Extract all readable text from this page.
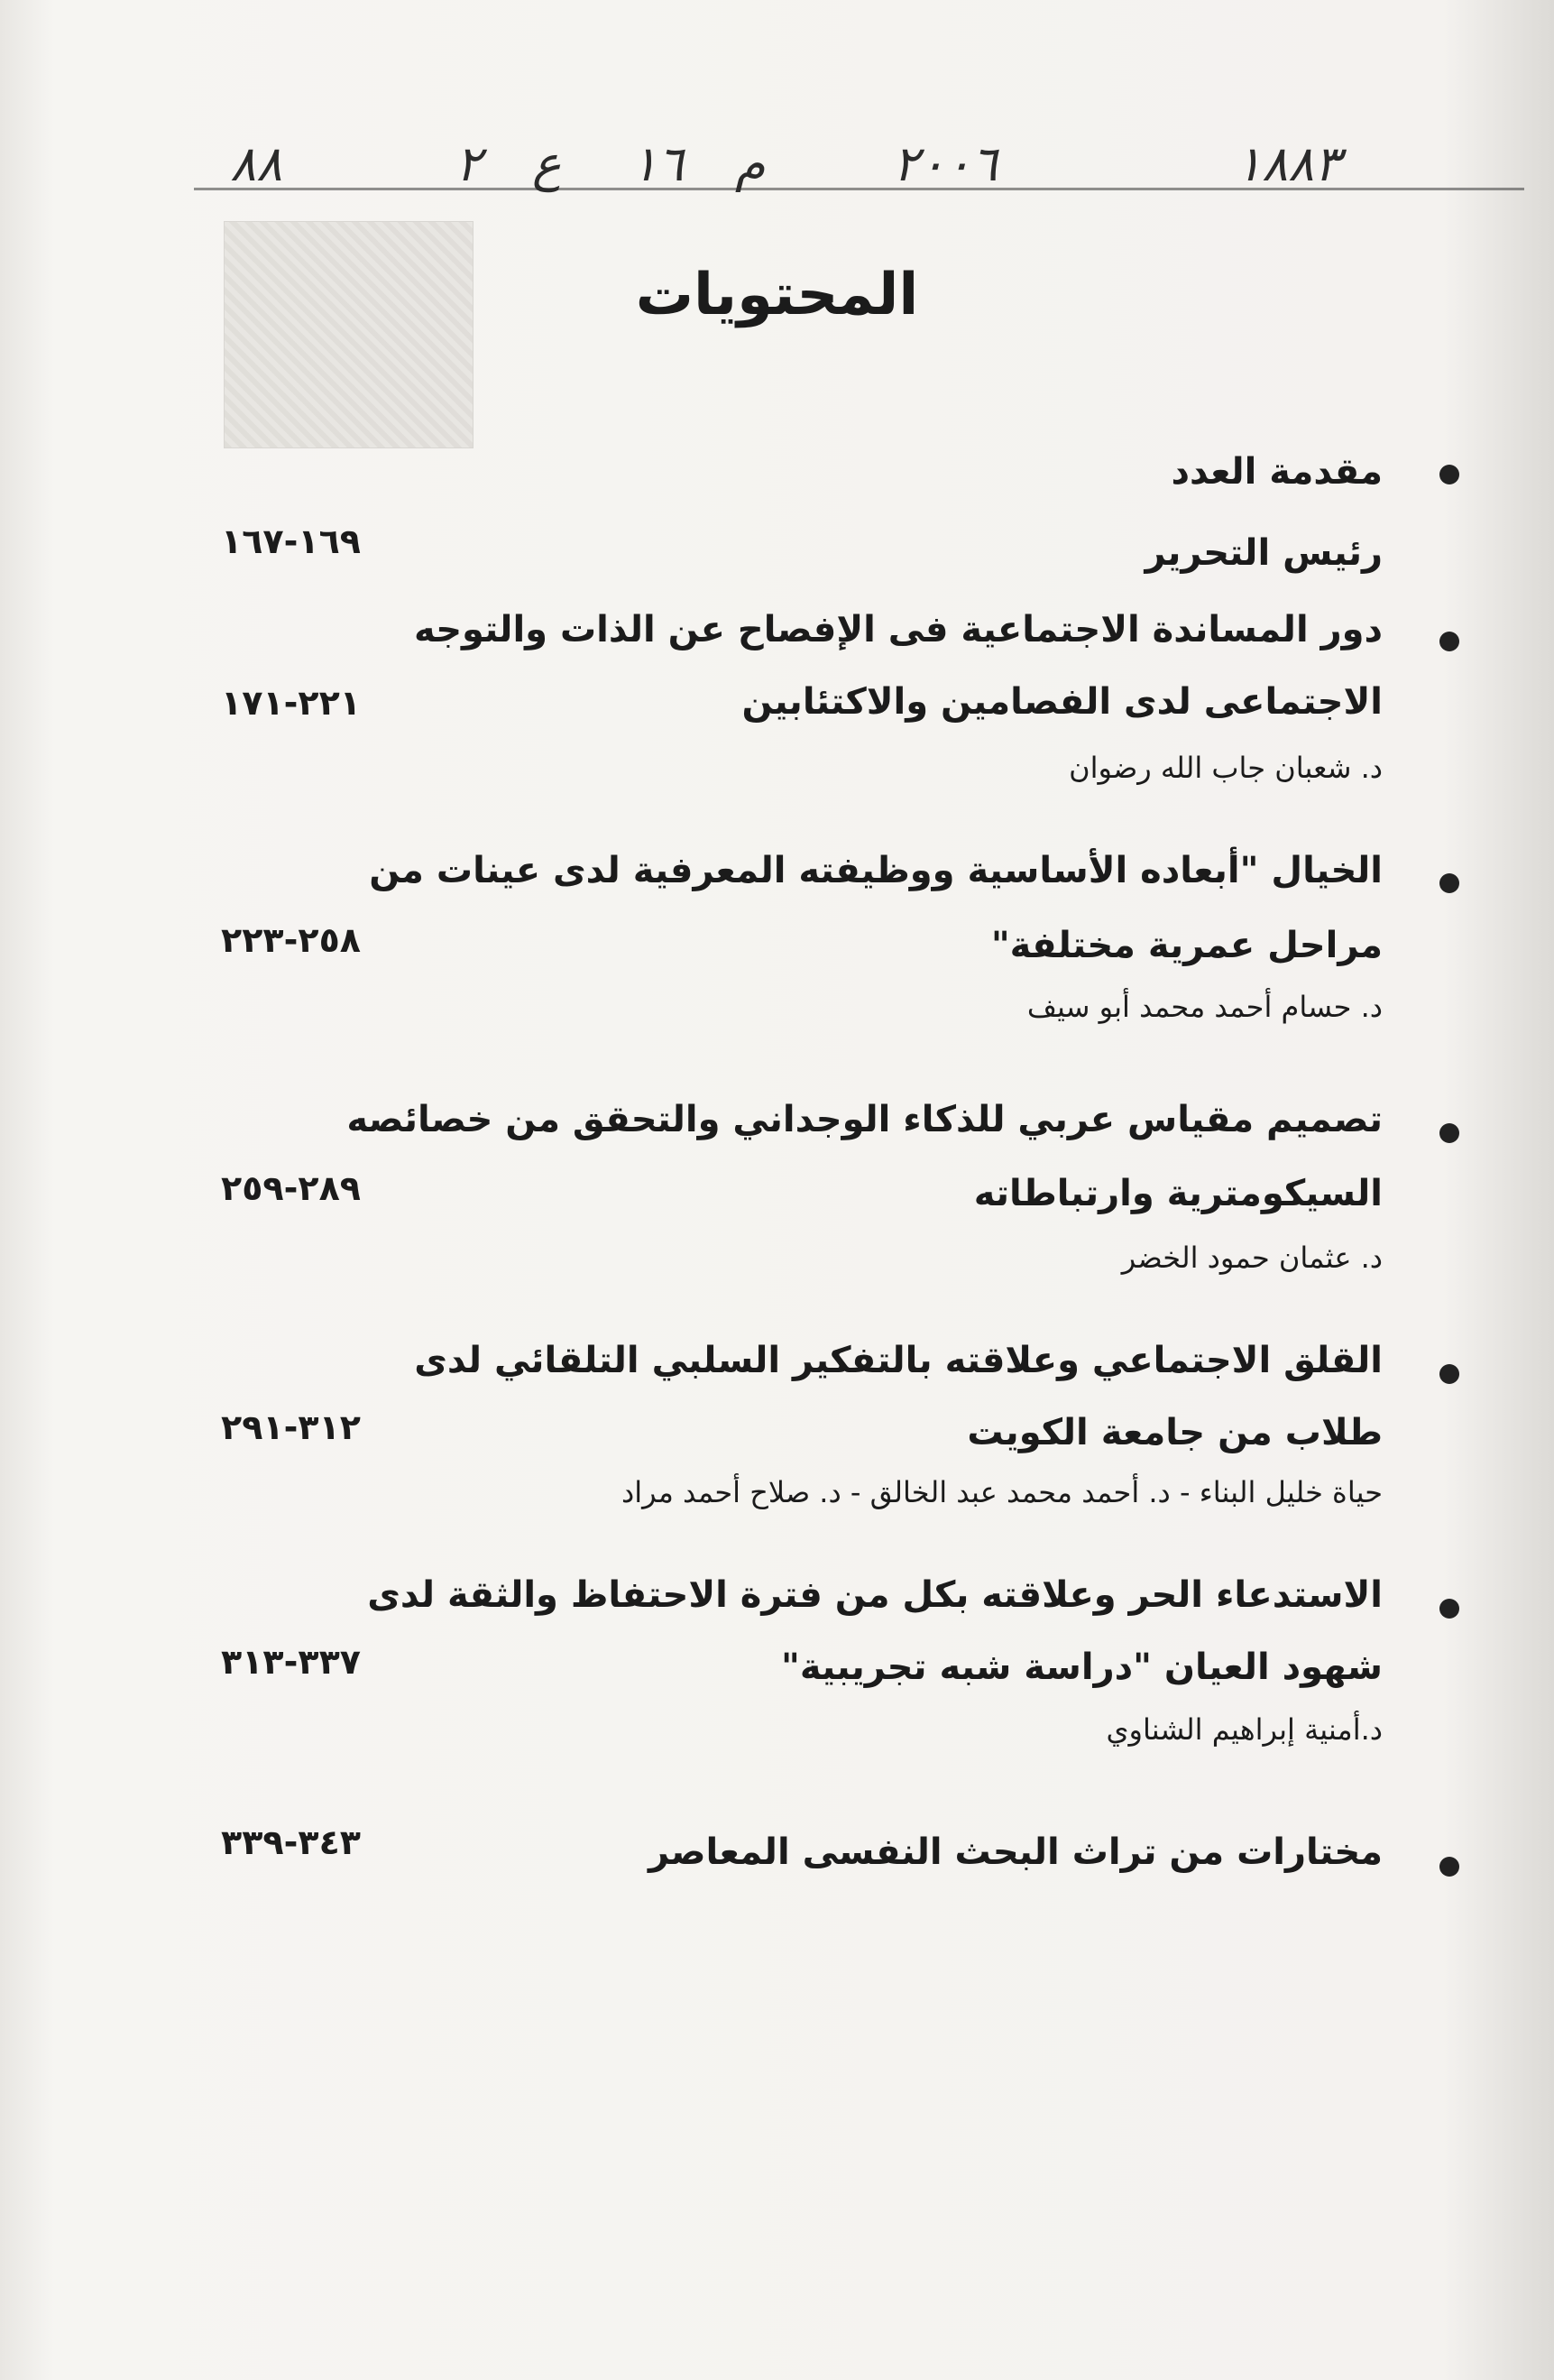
٨٨	٢ ع ١٦ م	٢٠٠٦	١٨٨٣
المحتويات
مقدمة العدد
رئيس التحرير
١٦٩-١٦٧
دور المساندة الاجتماعية فى الإفصاح عن الذات والتوجه
الاجتماعى لدى الفصامين والاكتئابين
د. شعبان جاب الله رضوان
٢٢١-١٧١
الخيال "أبعاده الأساسية ووظيفته المعرفية لدى عينات من
مراحل عمرية مختلفة"
د. حسام أحمد محمد أبو سيف
٢٥٨-٢٢٣
تصميم مقياس عربي للذكاء الوجداني والتحقق من خصائصه
السيكومترية وارتباطاته
د. عثمان حمود الخضر
٢٨٩-٢٥٩
القلق الاجتماعي وعلاقته بالتفكير السلبي التلقائي لدى
طلاب من جامعة الكويت
حياة خليل البناء - د. أحمد محمد عبد الخالق - د. صلاح أحمد مراد
٣١٢-٢٩١
الاستدعاء الحر وعلاقته بكل من فترة الاحتفاظ والثقة لدى
شهود العيان "دراسة شبه تجريبية"
د.أمنية إبراهيم الشناوي
٣٣٧-٣١٣
مختارات من تراث البحث النفسى المعاصر
٣٤٣-٣٣٩
